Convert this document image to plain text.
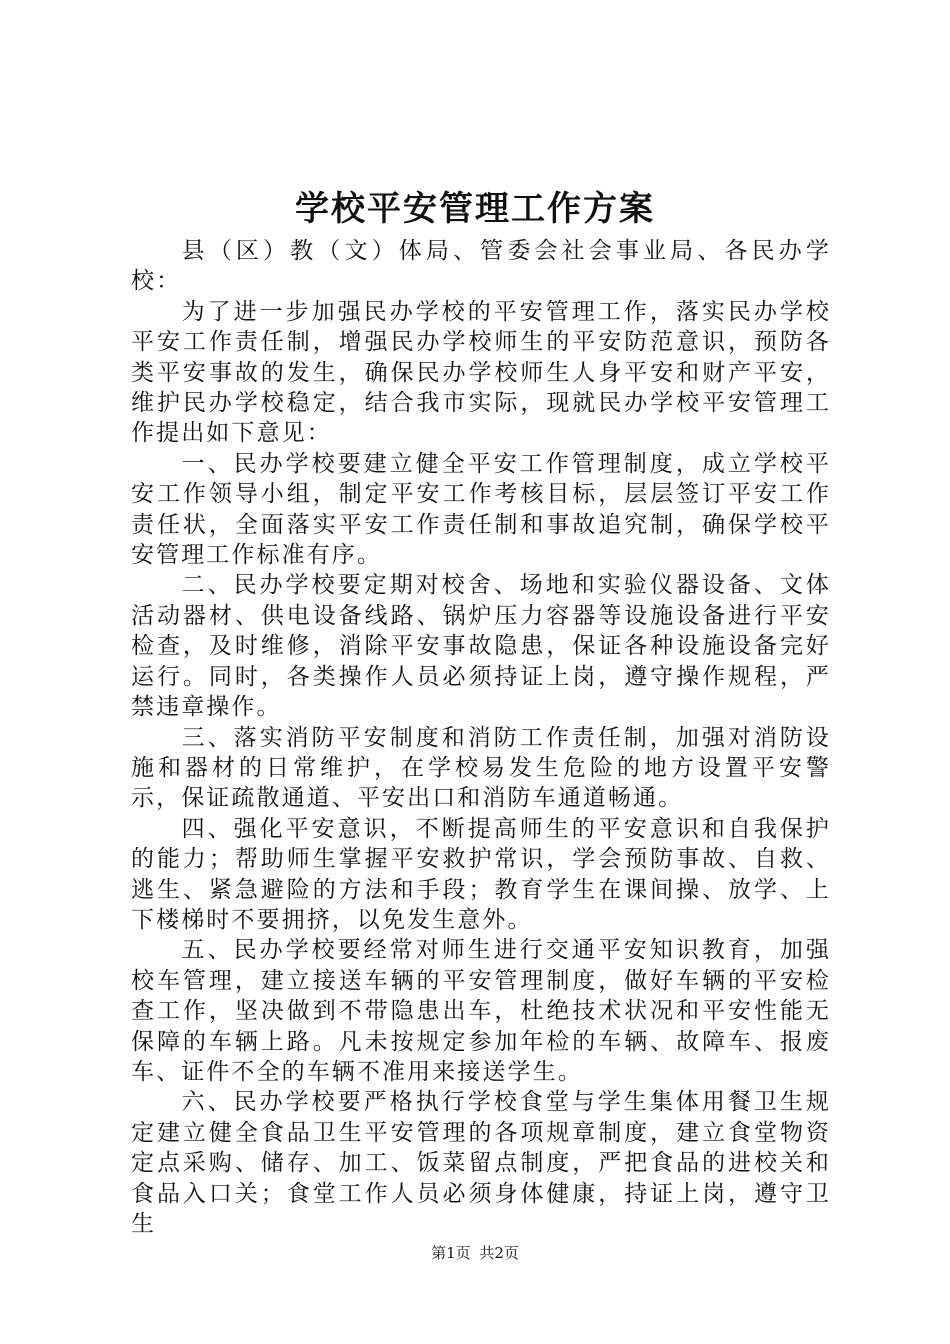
学校平安管理工作方案

县（区）教（文）体局、管委会社会事业局、各民办学校：

为了进一步加强民办学校的平安管理工作，落实民办学校平安工作责任制，增强民办学校师生的平安防范意识，预防各类平安事故的发生，确保民办学校师生人身平安和财产平安，维护民办学校稳定，结合我市实际，现就民办学校平安管理工作提出如下意见：

一、民办学校要建立健全平安工作管理制度，成立学校平安工作领导小组，制定平安工作考核目标，层层签订平安工作责任状，全面落实平安工作责任制和事故追究制，确保学校平安管理工作标准有序。

二、民办学校要定期对校舍、场地和实验仪器设备、文体活动器材、供电设备线路、锅炉压力容器等设施设备进行平安检查，及时维修，消除平安事故隐患，保证各种设施设备完好运行。同时，各类操作人员必须持证上岗，遵守操作规程，严禁违章操作。

三、落实消防平安制度和消防工作责任制，加强对消防设施和器材的日常维护，在学校易发生危险的地方设置平安警示，保证疏散通道、平安出口和消防车通道畅通。

四、强化平安意识，不断提高师生的平安意识和自我保护的能力；帮助师生掌握平安救护常识，学会预防事故、自救、逃生、紧急避险的方法和手段；教育学生在课间操、放学、上下楼梯时不要拥挤，以免发生意外。

五、民办学校要经常对师生进行交通平安知识教育，加强校车管理，建立接送车辆的平安管理制度，做好车辆的平安检查工作，坚决做到不带隐患出车，杜绝技术状况和平安性能无保障的车辆上路。凡未按规定参加年检的车辆、故障车、报废车、证件不全的车辆不准用来接送学生。

六、民办学校要严格执行学校食堂与学生集体用餐卫生规定建立健全食品卫生平安管理的各项规章制度，建立食堂物资定点采购、储存、加工、饭菜留点制度，严把食品的进校关和食品入口关；食堂工作人员必须身体健康，持证上岗，遵守卫生

第1页 共2页
